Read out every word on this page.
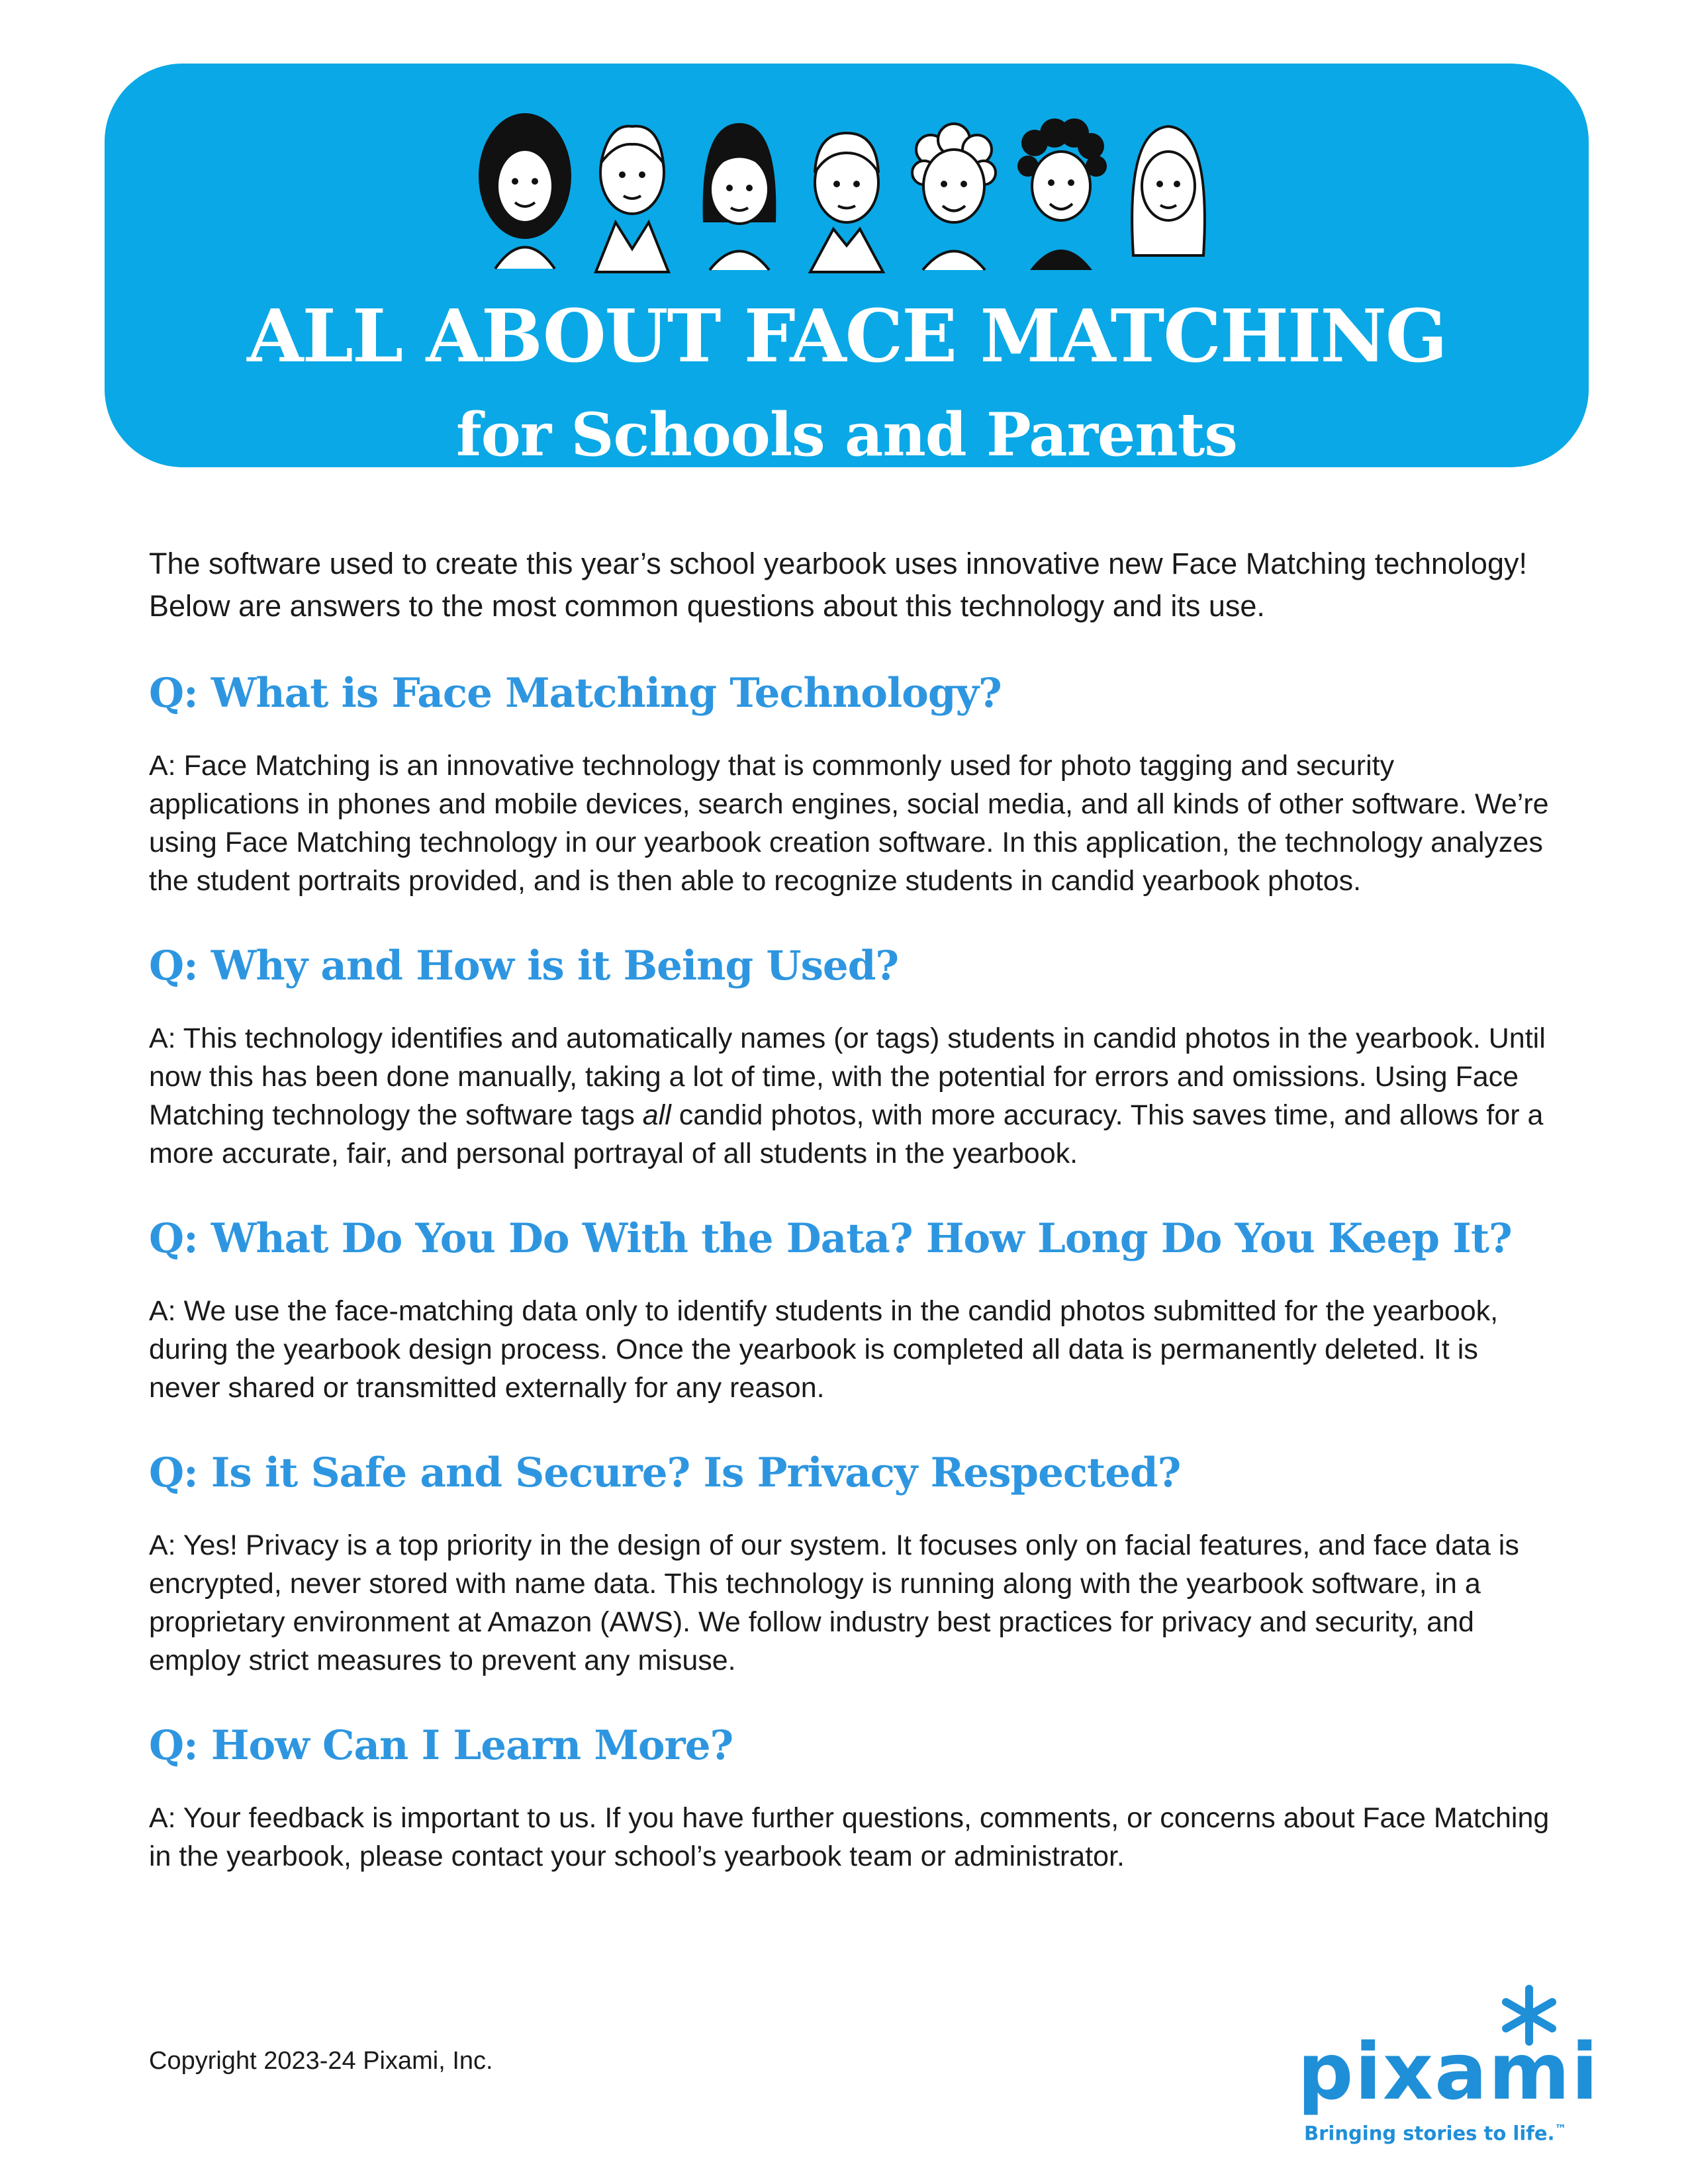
ALL ABOUT FACE MATCHING
for Schools and Parents

The software used to create this year’s school yearbook uses innovative new Face Matching technology! Below are answers to the most common questions about this technology and its use.

Q: What is Face Matching Technology?

A: Face Matching is an innovative technology that is commonly used for photo tagging and security applications in phones and mobile devices, search engines, social media, and all kinds of other software. We’re using Face Matching technology in our yearbook creation software. In this application, the technology analyzes the student portraits provided, and is then able to recognize students in candid yearbook photos.

Q: Why and How is it Being Used?

A: This technology identifies and automatically names (or tags) students in candid photos in the yearbook. Until now this has been done manually, taking a lot of time, with the potential for errors and omissions. Using Face Matching technology the software tags all candid photos, with more accuracy. This saves time, and allows for a more accurate, fair, and personal portrayal of all students in the yearbook.

Q: What Do You Do With the Data? How Long Do You Keep It?

A: We use the face-matching data only to identify students in the candid photos submitted for the yearbook, during the yearbook design process. Once the yearbook is completed all data is permanently deleted. It is never shared or transmitted externally for any reason.

Q: Is it Safe and Secure? Is Privacy Respected?

A: Yes! Privacy is a top priority in the design of our system. It focuses only on facial features, and face data is encrypted, never stored with name data. This technology is running along with the yearbook software, in a proprietary environment at Amazon (AWS). We follow industry best practices for privacy and security, and employ strict measures to prevent any misuse.

Q: How Can I Learn More?

A: Your feedback is important to us. If you have further questions, comments, or concerns about Face Matching in the yearbook, please contact your school’s yearbook team or administrator.

Copyright 2023-24 Pixami, Inc.	pixami
Bringing stories to life.™
